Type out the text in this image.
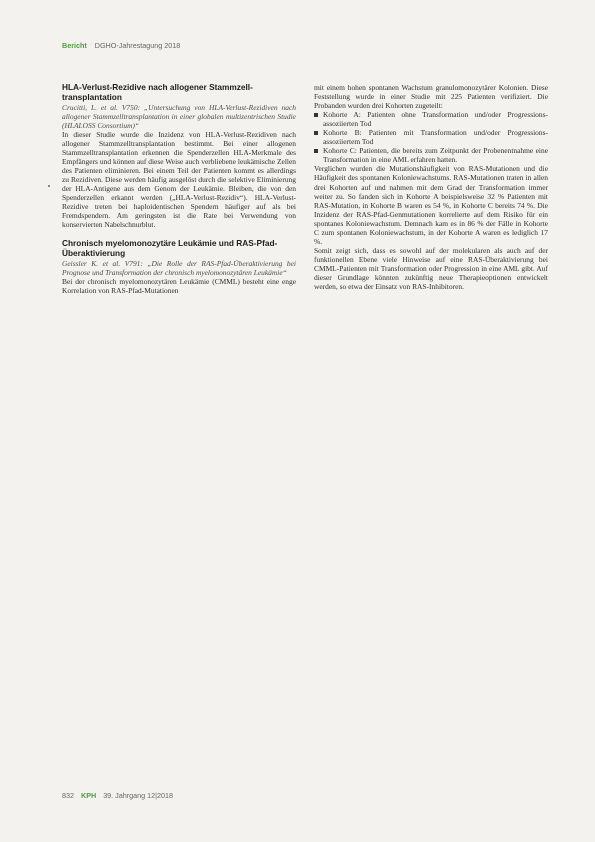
Bericht DGHO-Jahrestagung 2018
HLA-Verlust-Rezidive nach allogener Stammzell-transplantation

Crucitti, L. et al. V750: „Untersuchung von HLA-Verlust-Rezidiven nach allogener Stammzelltransplantation in einer globalen multizentrischen Studie (HLALOSS Consortium)“

In dieser Studie wurde die Inzidenz von HLA-Verlust-Rezidiven nach allogener Stammzelltransplantation bestimmt. Bei einer allogenen Stammzelltransplantation erkennen die Spenderzellen HLA-Merkmale des Empfängers und können auf diese Weise auch verbliebene leukämische Zellen des Patienten eliminieren. Bei einem Teil der Patienten kommt es allerdings zu Rezidiven. Diese werden häufig ausgelöst durch die selektive Eliminierung der HLA-Antigene aus dem Genom der Leukämie. Bleiben, die von den Spenderzellen erkannt werden („HLA-Verlust-Rezidiv“). HLA-Verlust-Rezidive treten bei haploidentischen Spendern häufiger auf als bei Fremdspendern. Am geringsten ist die Rate bei Verwendung von konservierten Nabelschnurblut.

Chronisch myelomonozytäre Leukämie und RAS-Pfad-Überaktivierung

Geissler K. et al. V791: „Die Rolle der RAS-Pfad-Überaktivierung bei Prognose und Transformation der chronisch myelomonozytären Leukämie“

Bei der chronisch myelomonozytären Leukämie (CMML) besteht eine enge Korrelation von RAS-Pfad-Mutationen

mit einem hohen spontanen Wachstum granulomonozytärer Kolonien. Diese Feststellung wurde in einer Studie mit 225 Patienten verifiziert. Die Probanden wurden drei Kohorten zugeteilt:

Kohorte A: Patienten ohne Transformation und/oder Progressions-assoziierten Tod
Kohorte B: Patienten mit Transformation und/oder Progressions-assoziiertem Tod
Kohorte C: Patienten, die bereits zum Zeitpunkt der Probenentnahme eine Transformation in eine AML erfahren hatten.

Verglichen wurden die Mutationshäufigkeit von RAS-Mutationen und die Häufigkeit des spontanen Koloniewachstums. RAS-Mutationen traten in allen drei Kohorten auf und nahmen mit dem Grad der Transformation immer weiter zu. So fanden sich in Kohorte A beispielsweise 32 % Patienten mit RAS-Mutation, in Kohorte B waren es 54 %, in Kohorte C bereits 74 %. Die Inzidenz der RAS-Pfad-Genmutationen korrelierte auf dem Risiko für ein spontanes Koloniewachstum. Demnach kam es in 86 % der Fälle in Kohorte C zum spontanen Koloniewachstum, in der Kohorte A waren es lediglich 17 %.

Somit zeigt sich, dass es sowohl auf der molekularen als auch auf der funktionellen Ebene viele Hinweise auf eine RAS-Überaktivierung bei CMML-Patienten mit Transformation oder Progression in eine AML gibt. Auf dieser Grundlage könnten zukünftig neue Therapieoptionen entwickelt werden, so etwa der Einsatz von RAS-Inhibitoren.

832 KPH 39. Jahrgang 12|2018
